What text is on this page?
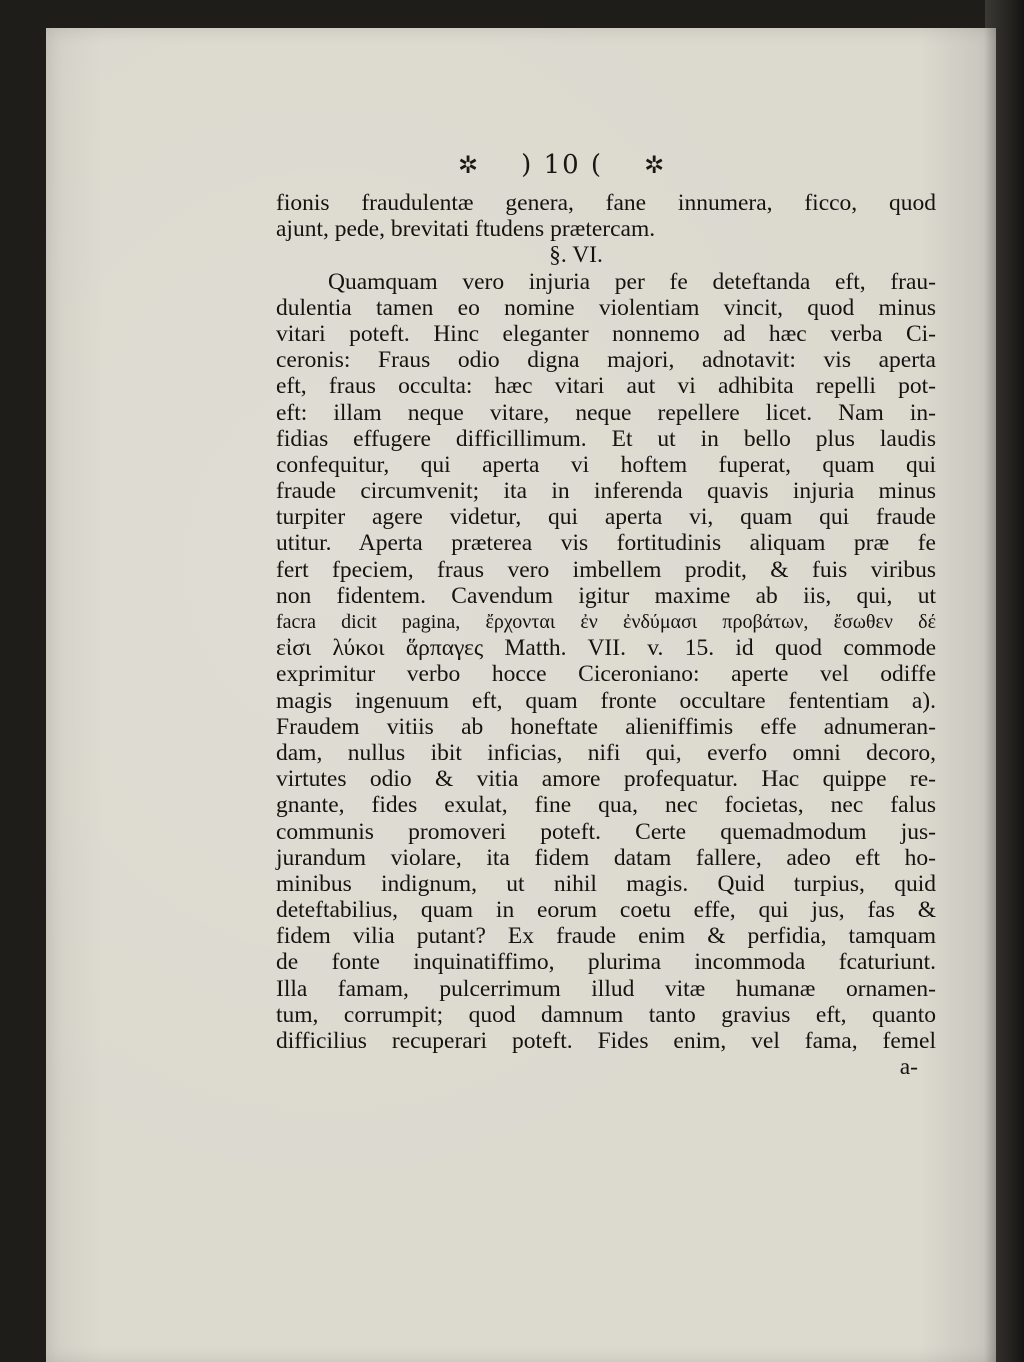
✲ ) 10 ( ✲
fionis fraudulentæ genera, fane innumera, ficco, quod
ajunt, pede, brevitati ftudens prætercam.
§. VI.
Quamquam vero injuria per fe deteftanda eft, frau-
dulentia tamen eo nomine violentiam vincit, quod minus
vitari poteft. Hinc eleganter nonnemo ad hæc verba Ci-
ceronis: Fraus odio digna majori, adnotavit: vis aperta
eft, fraus occulta: hæc vitari aut vi adhibita repelli pot-
eft: illam neque vitare, neque repellere licet. Nam in-
fidias effugere difficillimum. Et ut in bello plus laudis
confequitur, qui aperta vi hoftem fuperat, quam qui
fraude circumvenit; ita in inferenda quavis injuria minus
turpiter agere videtur, qui aperta vi, quam qui fraude
utitur. Aperta præterea vis fortitudinis aliquam præ fe
fert fpeciem, fraus vero imbellem prodit, & fuis viribus
non fidentem. Cavendum igitur maxime ab iis, qui, ut
facra dicit pagina, ἔρχονται ἐν ἐνδύμασι προβάτων, ἔσωθεν δέ
εἰσι λύκοι ἅρπαγες Matth. VII. v. 15. id quod commode
exprimitur verbo hocce Ciceroniano: aperte vel odiffe
magis ingenuum eft, quam fronte occultare fententiam a).
Fraudem vitiis ab honeftate alieniffimis effe adnumeran-
dam, nullus ibit inficias, nifi qui, everfo omni decoro,
virtutes odio & vitia amore profequatur. Hac quippe re-
gnante, fides exulat, fine qua, nec focietas, nec falus
communis promoveri poteft. Certe quemadmodum jus-
jurandum violare, ita fidem datam fallere, adeo eft ho-
minibus indignum, ut nihil magis. Quid turpius, quid
deteftabilius, quam in eorum coetu effe, qui jus, fas &
fidem vilia putant? Ex fraude enim & perfidia, tamquam
de fonte inquinatiffimo, plurima incommoda fcaturiunt.
Illa famam, pulcerrimum illud vitæ humanæ ornamen-
tum, corrumpit; quod damnum tanto gravius eft, quanto
difficilius recuperari poteft. Fides enim, vel fama, femel
a-
